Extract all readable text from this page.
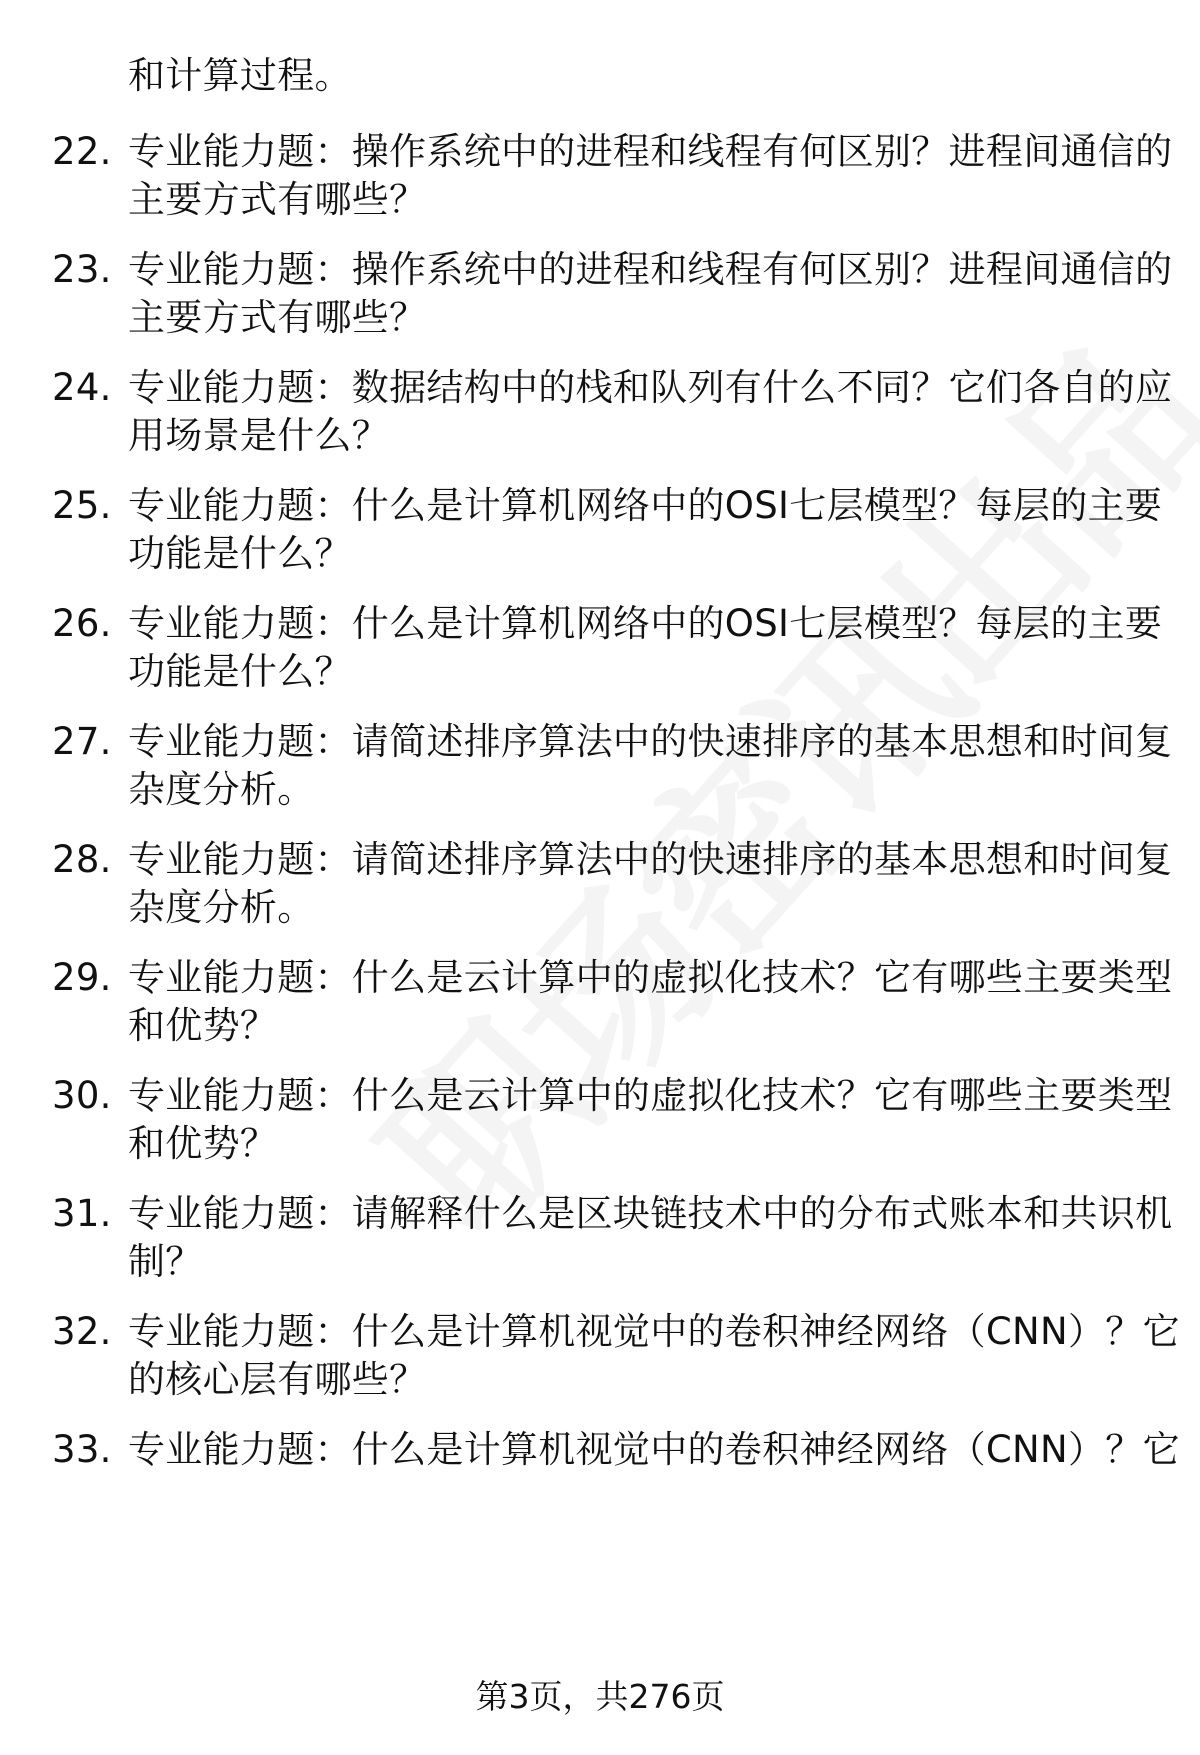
和计算过程。
22. 专业能力题：操作系统中的进程和线程有何区别？进程间通信的
主要方式有哪些？
23. 专业能力题：操作系统中的进程和线程有何区别？进程间通信的
主要方式有哪些？
24. 专业能力题：数据结构中的栈和队列有什么不同？它们各自的应
用场景是什么？
25. 专业能力题：什么是计算机网络中的OSI七层模型？每层的主要
功能是什么？
26. 专业能力题：什么是计算机网络中的OSI七层模型？每层的主要
功能是什么？
27. 专业能力题：请简述排序算法中的快速排序的基本思想和时间复
杂度分析。
28. 专业能力题：请简述排序算法中的快速排序的基本思想和时间复
杂度分析。
29. 专业能力题：什么是云计算中的虚拟化技术？它有哪些主要类型
和优势？
30. 专业能力题：什么是云计算中的虚拟化技术？它有哪些主要类型
和优势？
31. 专业能力题：请解释什么是区块链技术中的分布式账本和共识机
制？
32. 专业能力题：什么是计算机视觉中的卷积神经网络（CNN）？它
的核心层有哪些？
33. 专业能力题：什么是计算机视觉中的卷积神经网络（CNN）？它
第3页，共276页
